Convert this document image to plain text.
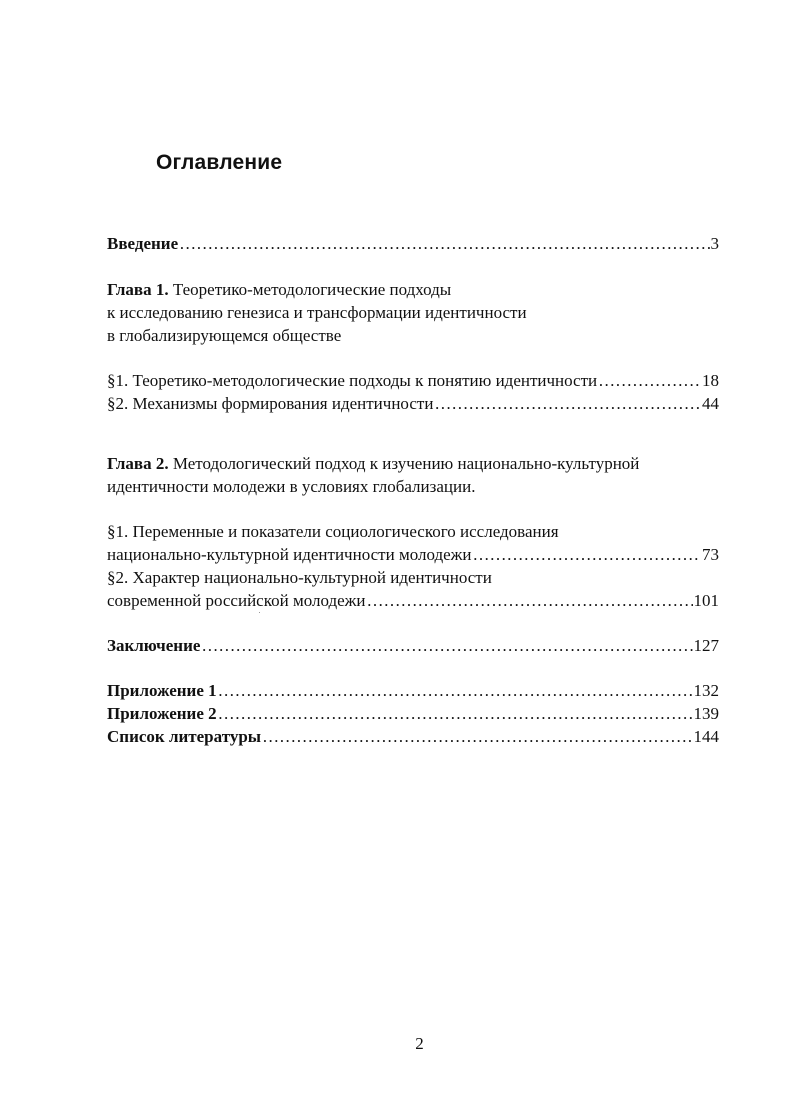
Оглавление
Введение …………………………………………………………………………………………………………………………………………………………………………	3
Глава 1. Теоретико-методологические подходы
к исследованию генезиса и трансформации идентичности
в глобализирующемся обществе
§1. Теоретико-методологические подходы к понятию идентичности …………………………………………………………………………………………………………………………………………………………………………	18
§2. Механизмы формирования идентичности …………………………………………………………………………………………………………………………………………………………………………	44
Глава 2. Методологический подход к изучению национально-культурной
идентичности молодежи в условиях глобализации.
§1. Переменные и показатели социологического исследования
национально-культурной идентичности молодежи …………………………………………………………………………………………………………………………………………………………………………	73
§2. Характер национально-культурной идентичности
современной российской молодежи …………………………………………………………………………………………………………………………………………………………………………	101
Заключение …………………………………………………………………………………………………………………………………………………………………………	127
Приложение 1 …………………………………………………………………………………………………………………………………………………………………………	132
Приложение 2 …………………………………………………………………………………………………………………………………………………………………………	139
Список литературы …………………………………………………………………………………………………………………………………………………………………………	144
2
